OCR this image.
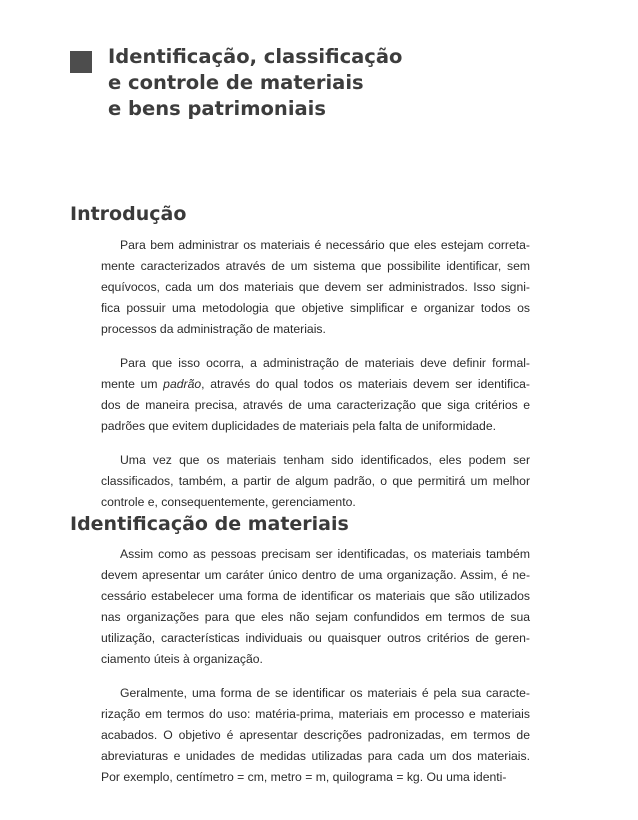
Identificação, classificação
e controle de materiais
e bens patrimoniais
Introdução

Para bem administrar os materiais é necessário que eles estejam correta-
mente caracterizados através de um sistema que possibilite identificar, sem
equívocos, cada um dos materiais que devem ser administrados. Isso signi-
fica possuir uma metodologia que objetive simplificar e organizar todos os
processos da administração de materiais.

Para que isso ocorra, a administração de materiais deve definir formal-
mente um padrão, através do qual todos os materiais devem ser identifica-
dos de maneira precisa, através de uma caracterização que siga critérios e
padrões que evitem duplicidades de materiais pela falta de uniformidade.

Uma vez que os materiais tenham sido identificados, eles podem ser
classificados, também, a partir de algum padrão, o que permitirá um melhor
controle e, consequentemente, gerenciamento.

Identificação de materiais

Assim como as pessoas precisam ser identificadas, os materiais também
devem apresentar um caráter único dentro de uma organização. Assim, é ne-
cessário estabelecer uma forma de identificar os materiais que são utilizados
nas organizações para que eles não sejam confundidos em termos de sua
utilização, características individuais ou quaisquer outros critérios de geren-
ciamento úteis à organização.

Geralmente, uma forma de se identificar os materiais é pela sua caracte-
rização em termos do uso: matéria-prima, materiais em processo e materiais
acabados. O objetivo é apresentar descrições padronizadas, em termos de
abreviaturas e unidades de medidas utilizadas para cada um dos materiais.
Por exemplo, centímetro = cm, metro = m, quilograma = kg. Ou uma identi-
